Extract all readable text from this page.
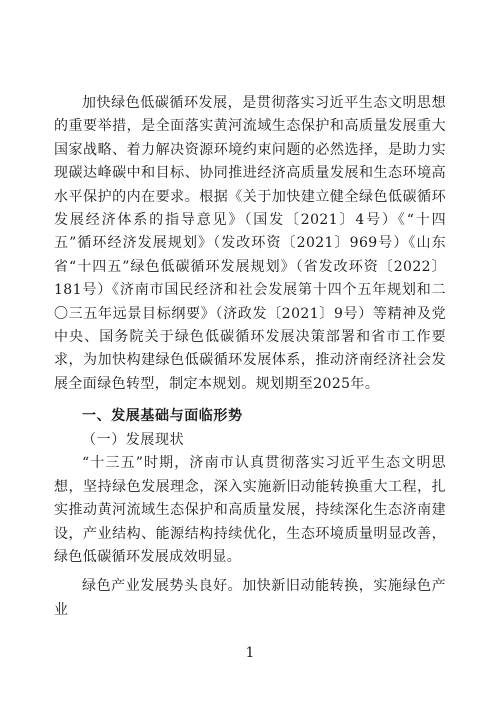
加快绿色低碳循环发展，是贯彻落实习近平生态文明思想的重要举措，是全面落实黄河流域生态保护和高质量发展重大国家战略、着力解决资源环境约束问题的必然选择，是助力实现碳达峰碳中和目标、协同推进经济高质量发展和生态环境高水平保护的内在要求。根据《关于加快建立健全绿色低碳循环发展经济体系的指导意见》（国发〔2021〕4号）《“十四五”循环经济发展规划》（发改环资〔2021〕969号）《山东省“十四五”绿色低碳循环发展规划》（省发改环资〔2022〕181号）《济南市国民经济和社会发展第十四个五年规划和二〇三五年远景目标纲要》（济政发〔2021〕9号）等精神及党中央、国务院关于绿色低碳循环发展决策部署和省市工作要求，为加快构建绿色低碳循环发展体系，推动济南经济社会发展全面绿色转型，制定本规划。规划期至2025年。

一、发展基础与面临形势

（一）发展现状

“十三五”时期，济南市认真贯彻落实习近平生态文明思想，坚持绿色发展理念，深入实施新旧动能转换重大工程，扎实推动黄河流域生态保护和高质量发展，持续深化生态济南建设，产业结构、能源结构持续优化，生态环境质量明显改善，绿色低碳循环发展成效明显。

绿色产业发展势头良好。加快新旧动能转换，实施绿色产业

1
